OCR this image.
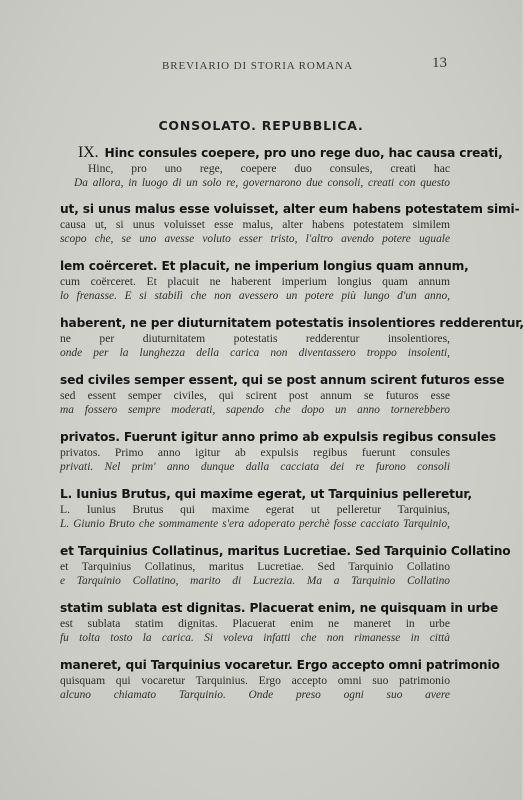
BREVIARIO DI STORIA ROMANA	13
CONSOLATO. REPUBBLICA.
IX. Hinc consules coepere, pro uno rege duo, hac causa creati,
Hinc, pro uno rege, coepere duo consules, creati hac
Da allora, in luogo di un solo re, governarono due consoli, creati con questo
ut, si unus malus esse voluisset, alter eum habens potestatem simi-
causa ut, si unus voluisset esse malus, alter habens potestatem similem
scopo che, se uno avesse voluto esser tristo, l'altro avendo potere uguale
lem coërceret. Et placuit, ne imperium longius quam annum,
cum coërceret. Et placuit ne haberent imperium longius quam annum
lo frenasse. E si stabilì che non avessero un potere più lungo d'un anno,
haberent, ne per diuturnitatem potestatis insolentiores redderentur,
ne per diuturnitatem potestatis redderentur insolentiores,
onde per la lunghezza della carica non diventassero troppo insolenti,
sed civiles semper essent, qui se post annum scirent futuros esse
sed essent semper civiles, qui scirent post annum se futuros esse
ma fossero sempre moderati, sapendo che dopo un anno tornerebbero
privatos. Fuerunt igitur anno primo ab expulsis regibus consules
privatos. Primo anno igitur ab expulsis regibus fuerunt consules
privati. Nel prim' anno dunque dalla cacciata dei re furono consoli
L. Iunius Brutus, qui maxime egerat, ut Tarquinius pelleretur,
L. Iunius Brutus qui maxime egerat ut pelleretur Tarquinius,
L. Giunio Bruto che sommamente s'era adoperato perchè fosse cacciato Tarquinio,
et Tarquinius Collatinus, maritus Lucretiae. Sed Tarquinio Collatino
et Tarquinius Collatinus, maritus Lucretiae. Sed Tarquinio Collatino
e Tarquinio Collatino, marito di Lucrezia. Ma a Tarquinio Collatino
statim sublata est dignitas. Placuerat enim, ne quisquam in urbe
est sublata statim dignitas. Placuerat enim ne maneret in urbe
fu tolta tosto la carica. Si voleva infatti che non rimanesse in città
maneret, qui Tarquinius vocaretur. Ergo accepto omni patrimonio
quisquam qui vocaretur Tarquinius. Ergo accepto omni suo patrimonio
alcuno chiamato Tarquinio. Onde preso ogni suo avere
